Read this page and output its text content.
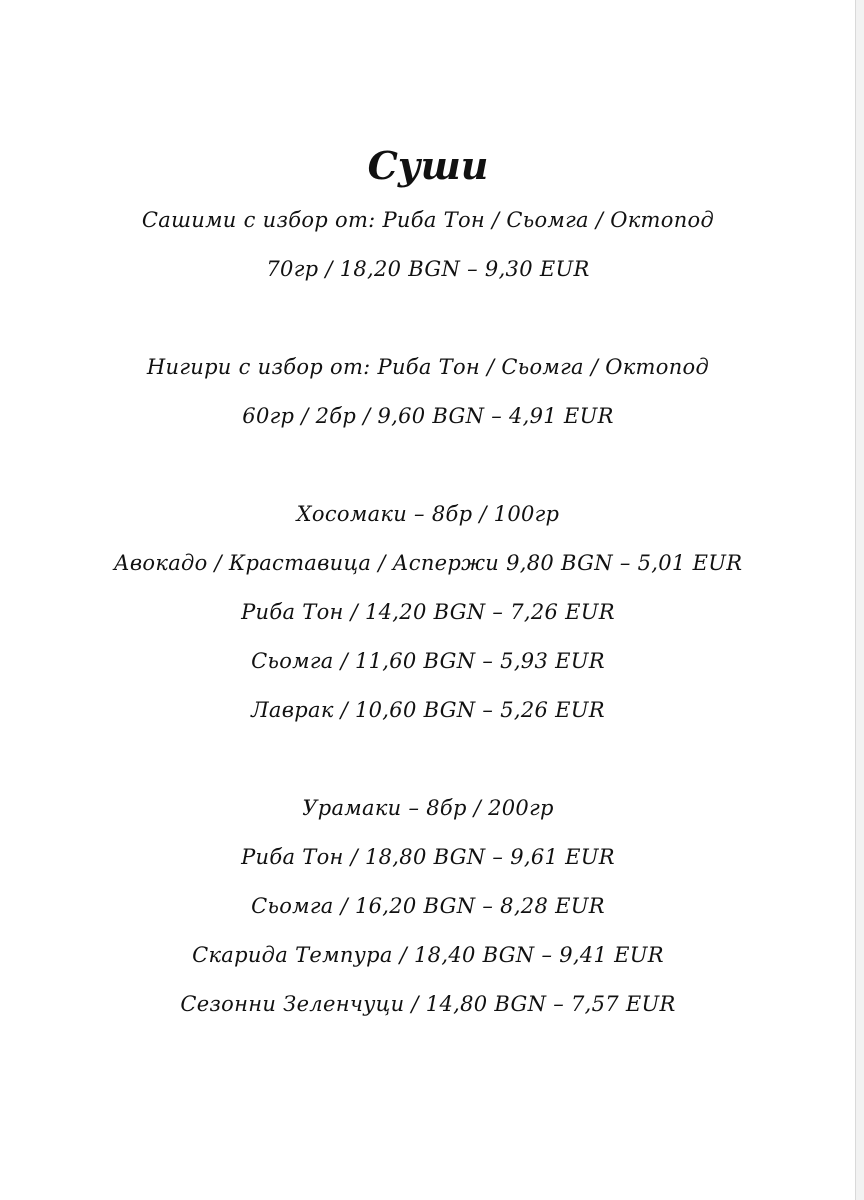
Суши

Сашими с избор от: Риба Тон / Сьомга / Октопод

70гр / 18,20 BGN – 9,30 EUR

Нигири с избор от: Риба Тон / Сьомга / Октопод

60гр / 2бр / 9,60 BGN – 4,91 EUR

Хосомаки – 8бр / 100гр

Авокадо / Краставица / Аспержи 9,80 BGN – 5,01 EUR

Риба Тон / 14,20 BGN – 7,26 EUR

Сьомга / 11,60 BGN – 5,93 EUR

Лаврак / 10,60 BGN – 5,26 EUR

Урамаки – 8бр / 200гр

Риба Тон / 18,80 BGN – 9,61 EUR

Сьомга / 16,20 BGN – 8,28 EUR

Скарида Темпура / 18,40 BGN – 9,41 EUR

Сезонни Зеленчуци / 14,80 BGN – 7,57 EUR
